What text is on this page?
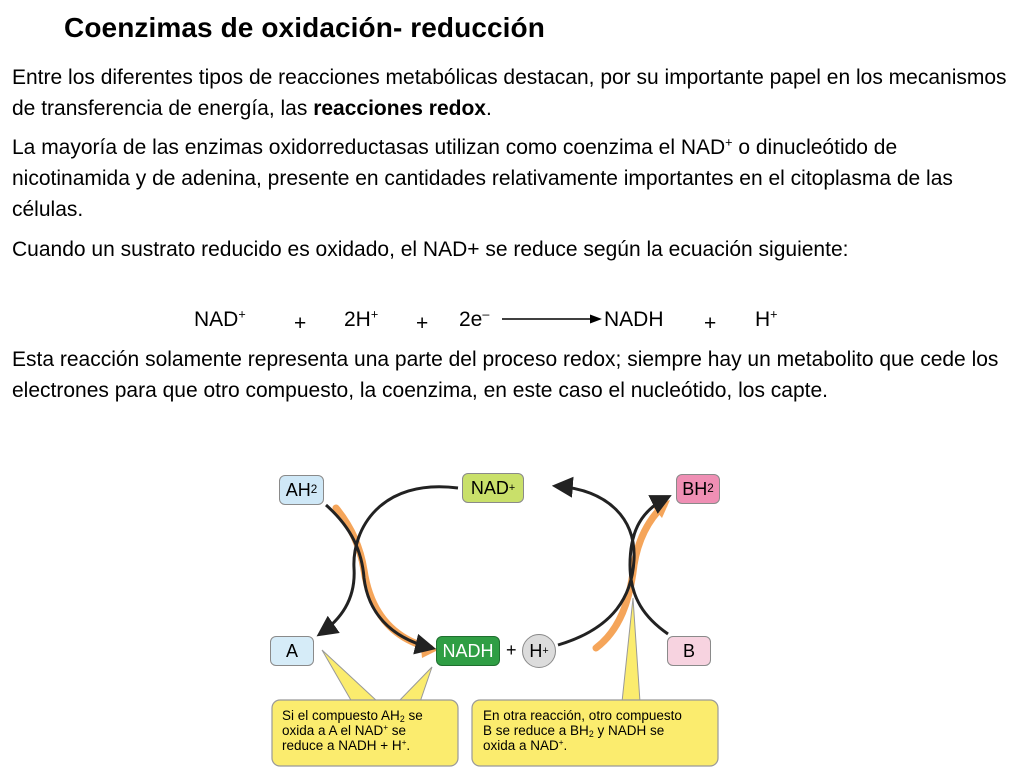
Coenzimas de oxidación- reducción
Entre los diferentes tipos de reacciones metabólicas destacan, por su importante papel en los mecanismos de transferencia de energía, las reacciones redox.
La mayoría de las enzimas oxidorreductasas utilizan como coenzima el NAD+ o dinucleótido de nicotinamida y de adenina, presente en cantidades relativamente importantes en el citoplasma de las células.
Cuando un sustrato reducido es oxidado, el NAD+ se reduce según la ecuación siguiente:
NAD+ + 2H+ + 2e–	NADH + H+
Esta reacción solamente representa una parte del proceso redox; siempre hay un metabolito que cede los electrones para que otro compuesto, la coenzima, en este caso el nucleótido, los capte.
AH 2	NAD +	BH 2
A	NADH + H +	B
Si el compuesto $AH_2$ se
oxida a A el NAD+ se
reduce a NADH + H+.
En otra reacción, otro compuesto
B se reduce a $BH_2$ y NADH se
oxida a NAD+.
